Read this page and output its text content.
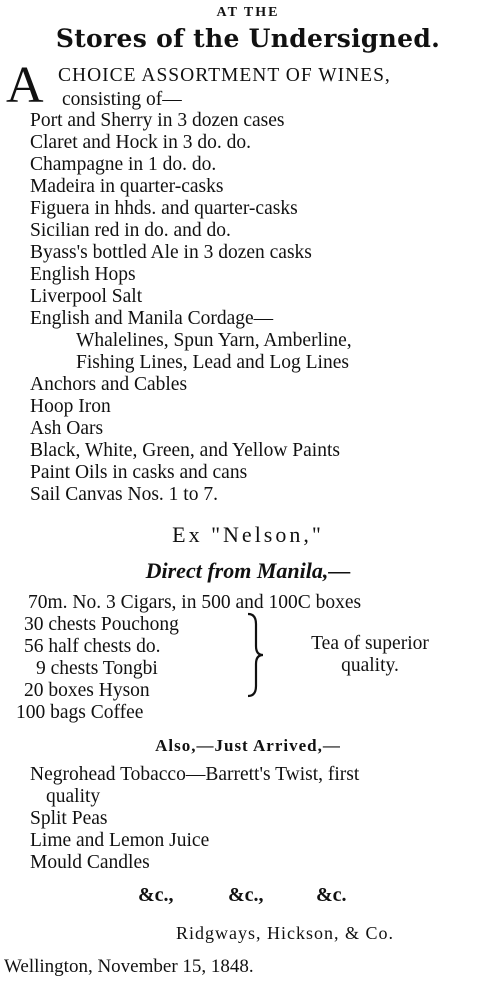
AT THE
Stores of the Undersigned.
A CHOICE ASSORTMENT OF WINES,
consisting of—
Port and Sherry in 3 dozen cases
Claret and Hock in 3 do. do.
Champagne in 1 do. do.
Madeira in quarter-casks
Figuera in hhds. and quarter-casks
Sicilian red in do. and do.
Byass's bottled Ale in 3 dozen casks
English Hops
Liverpool Salt
English and Manila Cordage—
Whalelines, Spun Yarn, Amberline,
Fishing Lines, Lead and Log Lines
Anchors and Cables
Hoop Iron
Ash Oars
Black, White, Green, and Yellow Paints
Paint Oils in casks and cans
Sail Canvas Nos. 1 to 7.
Ex "Nelson,"
Direct from Manila,—
70m. No. 3 Cigars, in 500 and 100C boxes
30 chests Pouchong
56 half chests do.
9 chests Tongbi
20 boxes Hyson
Tea of superior
quality.
100 bags Coffee
Also,—Just Arrived,—
Negrohead Tobacco—Barrett's Twist, first
quality
Split Peas
Lime and Lemon Juice
Mould Candles
&c.,	&c.,	&c.
Ridgways, Hickson, & Co.
Wellington, November 15, 1848.
